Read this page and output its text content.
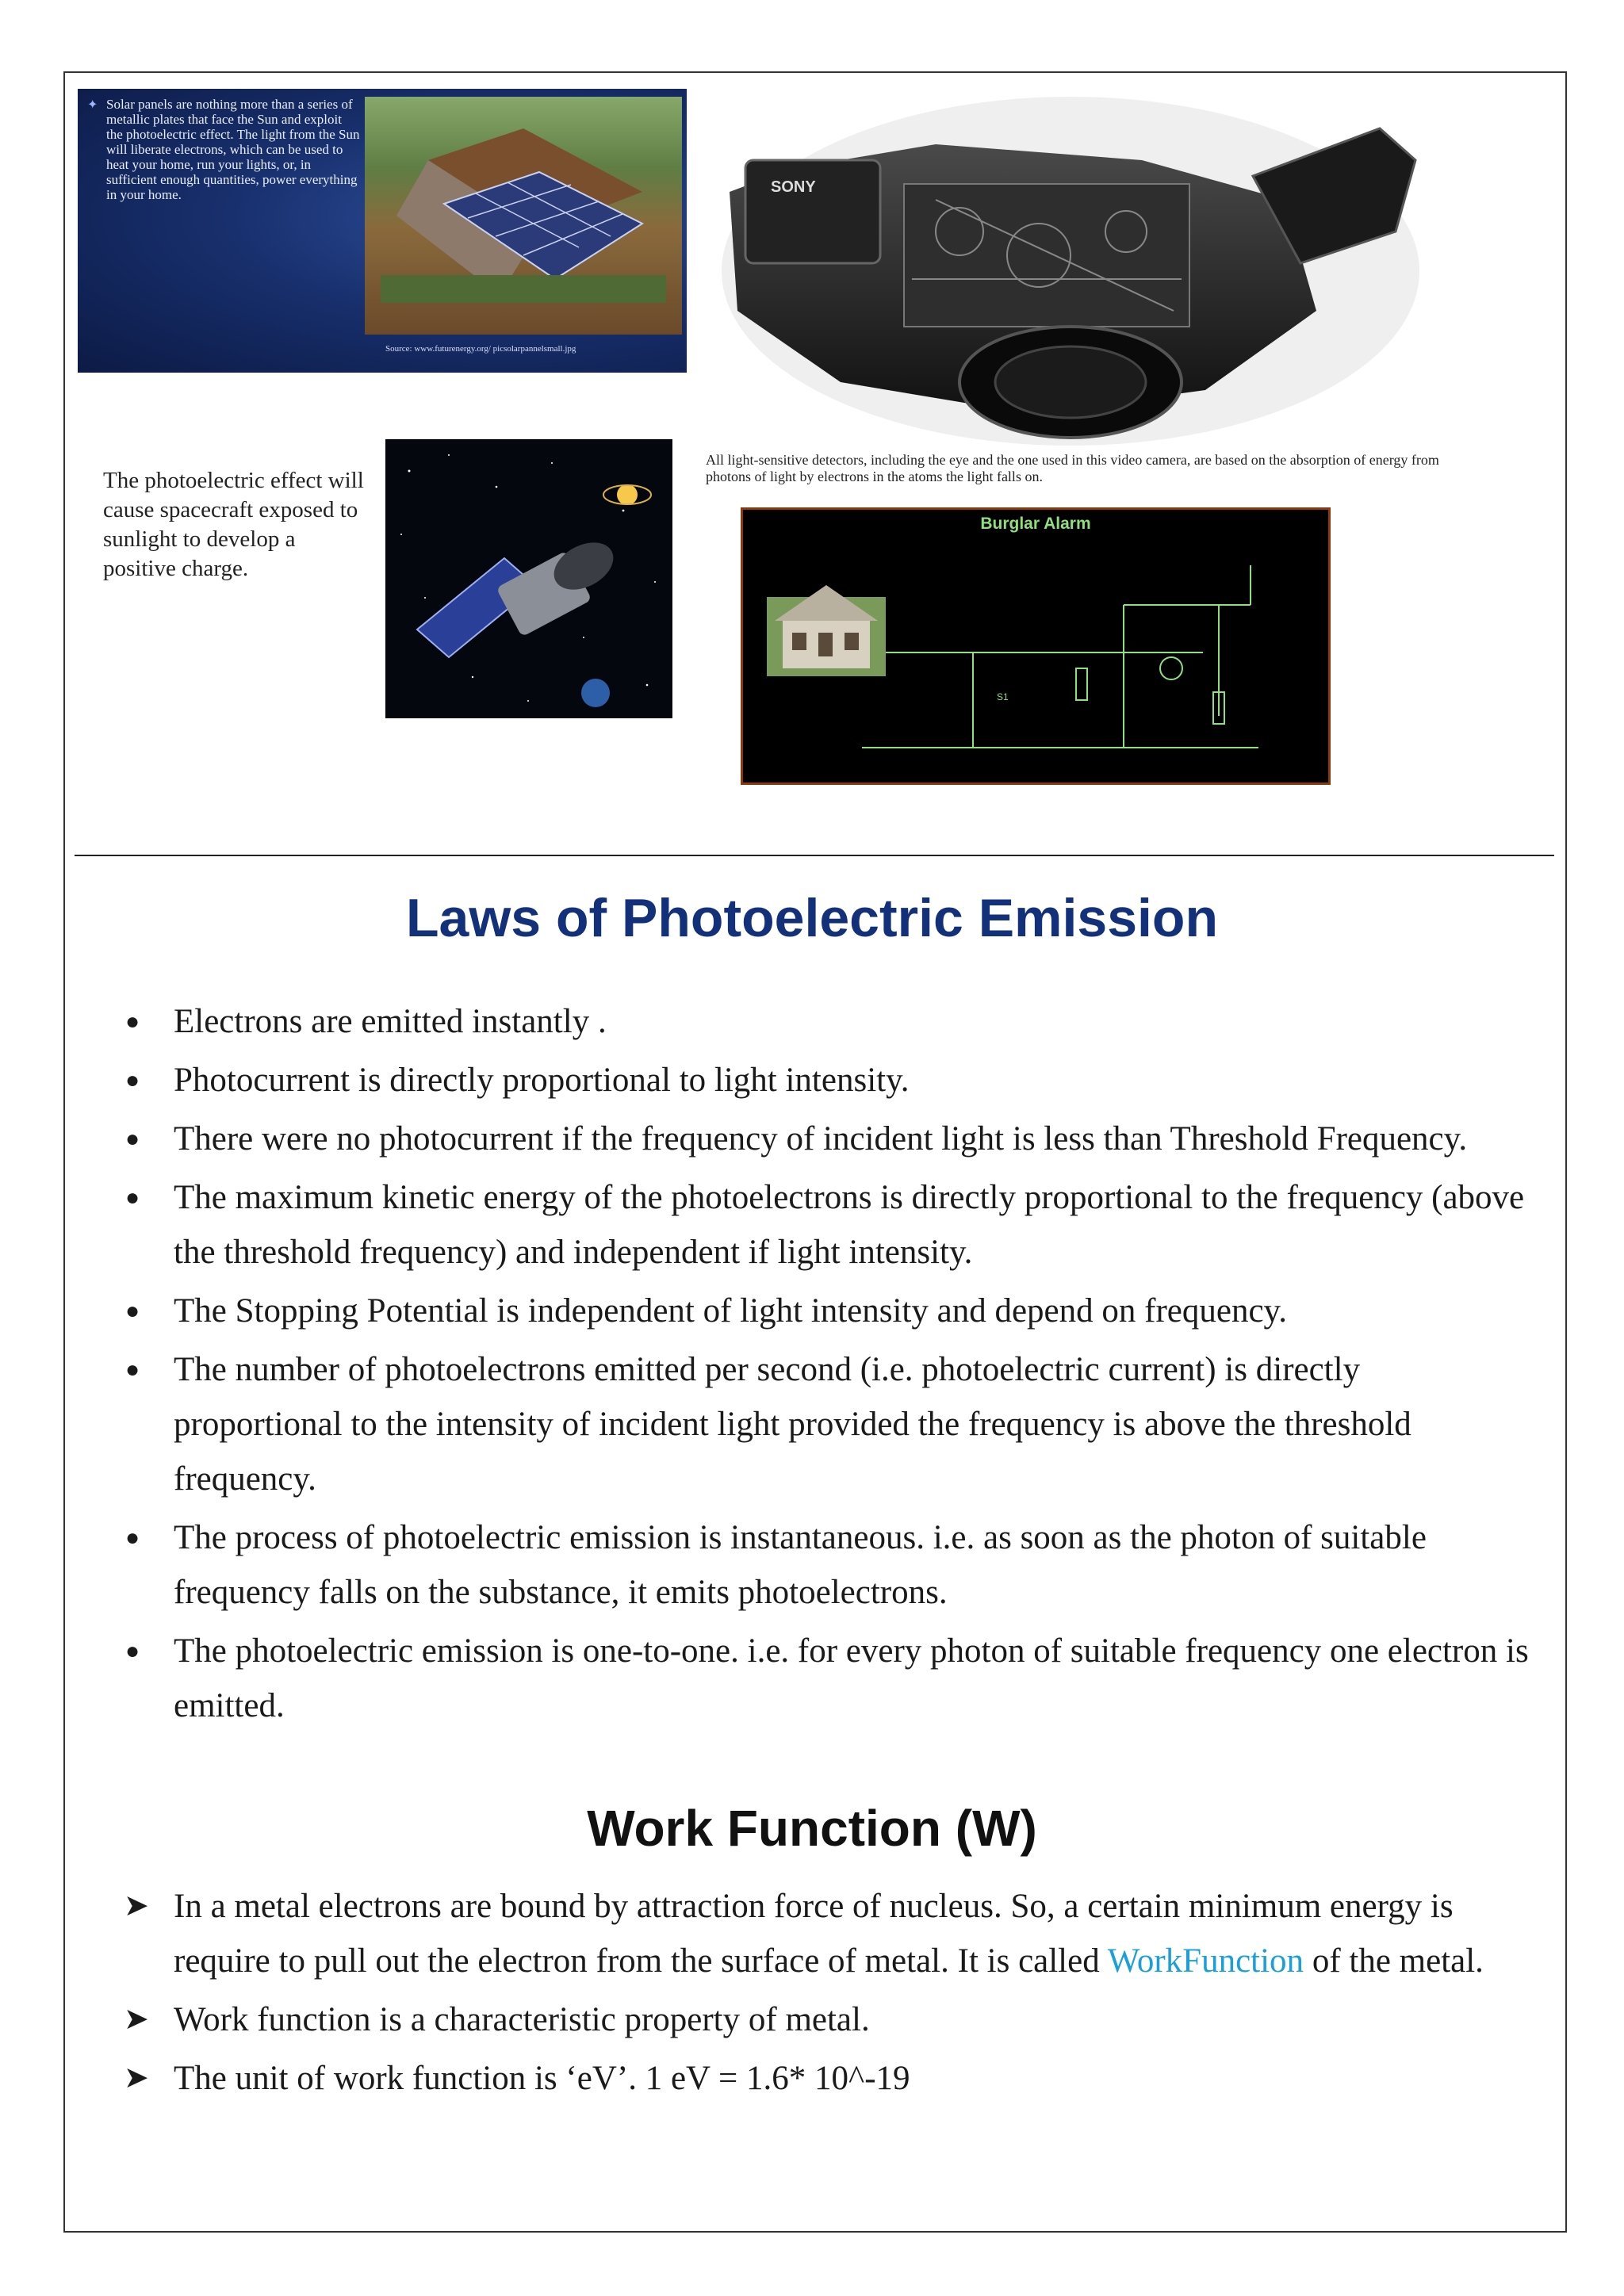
✦ Solar panels are nothing more than a series of metallic plates that face the Sun and exploit the photoelectric effect. The light from the Sun will liberate electrons, which can be used to heat your home, run your lights, or, in sufficient enough quantities, power everything in your home.
Source: www.futurenergy.org/ picsolarpannelsmall.jpg
SONY
All light-sensitive detectors, including the eye and the one used in this video camera, are based on the absorption of energy from photons of light by electrons in the atoms the light falls on.
The photoelectric effect will cause spacecraft exposed to sunlight to develop a positive charge.
Burglar Alarm
S1
Laws of Photoelectric Emission
● Electrons are emitted instantly .
● Photocurrent is directly proportional to light intensity.
● There were no photocurrent if the frequency of incident light is less than Threshold Frequency.
● The maximum kinetic energy of the photoelectrons is directly proportional to the frequency (above the threshold frequency) and independent if light intensity.
● The Stopping Potential is independent of light intensity and depend on frequency.
● The number of photoelectrons emitted per second (i.e. photoelectric current) is directly proportional to the intensity of incident light provided the frequency is above the threshold frequency.
● The process of photoelectric emission is instantaneous. i.e. as soon as the photon of suitable frequency falls on the substance, it emits photoelectrons.
● The photoelectric emission is one-to-one. i.e. for every photon of suitable frequency one electron is emitted.
Work Function (W)
➤ In a metal electrons are bound by attraction force of nucleus. So, a certain minimum energy is require to pull out the electron from the surface of metal. It is called WorkFunction of the metal.
➤ Work function is a characteristic property of metal.
➤ The unit of work function is ‘eV’. 1 eV = 1.6* 10^-19
